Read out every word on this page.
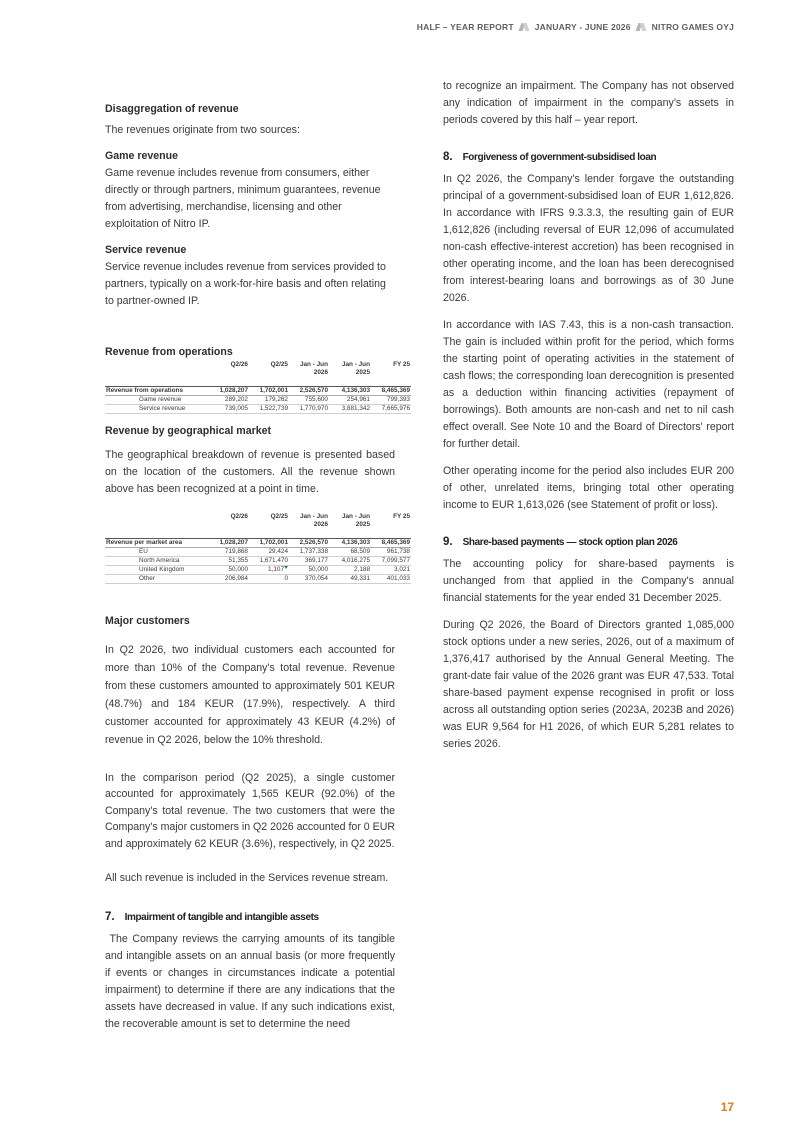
HALF – YEAR REPORT JANUARY - JUNE 2026 NITRO GAMES OYJ

Disaggregation of revenue

The revenues originate from two sources:

Game revenue

Game revenue includes revenue from consumers, either directly or through partners, minimum guarantees, revenue from advertising, merchandise, licensing and other exploitation of Nitro IP.

Service revenue

Service revenue includes revenue from services provided to partners, typically on a work-for-hire basis and often relating to partner-owned IP.

Revenue from operations

	Q2/26	Q2/25	Jan - Jun 2026	Jan - Jun 2025	FY 25
Revenue from operations	1,028,207	1,702,001	2,526,570	4,136,303	8,465,369
Game revenue	289,202	179,262	755,600	254,961	799,393
Service revenue	739,005	1,522,739	1,770,970	3,881,342	7,665,976

Revenue by geographical market

The geographical breakdown of revenue is presented based on the location of the customers. All the revenue shown above has been recognized at a point in time.

	Q2/26	Q2/25	Jan - Jun 2026	Jan - Jun 2025	FY 25
Revenue per market area	1,028,207	1,702,001	2,526,570	4,136,303	8,465,369
EU	719,868	29,424	1,737,338	68,509	961,738
North America	51,355	1,671,470	369,177	4,016,275	7,099,577
United Kingdom	50,000	1,107	50,000	2,188	3,021
Other	206,984	0	370,054	49,331	401,033

Major customers

In Q2 2026, two individual customers each accounted for more than 10% of the Company's total revenue. Revenue from these customers amounted to approximately 501 KEUR (48.7%) and 184 KEUR (17.9%), respectively. A third customer accounted for approximately 43 KEUR (4.2%) of revenue in Q2 2026, below the 10% threshold.

In the comparison period (Q2 2025), a single customer accounted for approximately 1,565 KEUR (92.0%) of the Company's total revenue. The two customers that were the Company's major customers in Q2 2026 accounted for 0 EUR and approximately 62 KEUR (3.6%), respectively, in Q2 2025.

All such revenue is included in the Services revenue stream.

7. Impairment of tangible and intangible assets

The Company reviews the carrying amounts of its tangible and intangible assets on an annual basis (or more frequently if events or changes in circumstances indicate a potential impairment) to determine if there are any indications that the assets have decreased in value. If any such indications exist, the recoverable amount is set to determine the need

to recognize an impairment. The Company has not observed any indication of impairment in the company’s assets in periods covered by this half – year report.

8. Forgiveness of government-subsidised loan

In Q2 2026, the Company's lender forgave the outstanding principal of a government-subsidised loan of EUR 1,612,826. In accordance with IFRS 9.3.3.3, the resulting gain of EUR 1,612,826 (including reversal of EUR 12,096 of accumulated non-cash effective-interest accretion) has been recognised in other operating income, and the loan has been derecognised from interest-bearing loans and borrowings as of 30 June 2026.

In accordance with IAS 7.43, this is a non-cash transaction. The gain is included within profit for the period, which forms the starting point of operating activities in the statement of cash flows; the corresponding loan derecognition is presented as a deduction within financing activities (repayment of borrowings). Both amounts are non-cash and net to nil cash effect overall. See Note 10 and the Board of Directors' report for further detail.

Other operating income for the period also includes EUR 200 of other, unrelated items, bringing total other operating income to EUR 1,613,026 (see Statement of profit or loss).

9. Share-based payments — stock option plan 2026

The accounting policy for share-based payments is unchanged from that applied in the Company's annual financial statements for the year ended 31 December 2025.

During Q2 2026, the Board of Directors granted 1,085,000 stock options under a new series, 2026, out of a maximum of 1,376,417 authorised by the Annual General Meeting. The grant-date fair value of the 2026 grant was EUR 47,533. Total share-based payment expense recognised in profit or loss across all outstanding option series (2023A, 2023B and 2026) was EUR 9,564 for H1 2026, of which EUR 5,281 relates to series 2026.

17
